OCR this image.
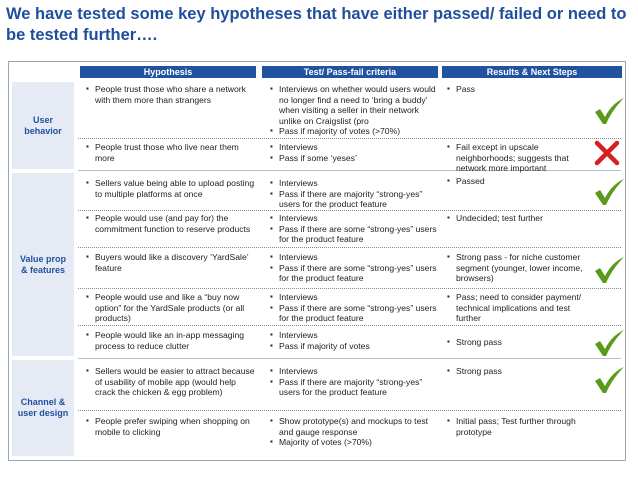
We have tested some key hypotheses that have either passed/ failed or need to be tested further….
Hypothesis	Test/ Pass-fail criteria	Results & Next Steps
User behavior
Value prop & features
Channel & user design
▪ People trust those who share a network with them more than strangers
▪ Interviews on whether would users would no longer find a need to ‘bring a buddy’ when visiting a seller in their network unlike on Craigslist (pro
▪ Pass if majority of votes (>70%)
▪ Pass
▪ People trust those who live near them more
▪ Interviews
▪ Pass if some ‘yeses’
▪ Fail except in upscale neighborhoods; suggests that network more important
▪ Sellers value being able to upload posting to multiple platforms at once
▪ Interviews
▪ Pass if there are majority “strong-yes” users for the product feature
▪ Passed
▪ People would use (and pay for) the commitment function to reserve products
▪ Interviews
▪ Pass if there are some “strong-yes” users for the product feature
▪ Undecided; test further
▪ Buyers would like a discovery ‘YardSale’ feature
▪ Interviews
▪ Pass if there are some “strong-yes” users for the product feature
▪ Strong pass - for niche customer segment (younger, lower income, browsers)
▪ People would use and like a “buy now option” for the YardSale products (or all products)
▪ Interviews
▪ Pass if there are some “strong-yes” users for the product feature
▪ Pass; need to consider payment/ technical implications and test further
▪ People would like an in-app messaging process to reduce clutter
▪ Interviews
▪ Pass if majority of votes
▪	Strong pass
▪ Sellers would be easier to attract because of usability of mobile app (would help crack the chicken & egg problem)
▪ Interviews
▪ Pass if there are majority “strong-yes” users for the product feature
▪ Strong pass
▪ People prefer swiping when shopping on mobile to clicking
▪ Show prototype(s) and mockups to test and gauge response
▪ Majority of votes (>70%)
▪ Initial pass; Test further through prototype
